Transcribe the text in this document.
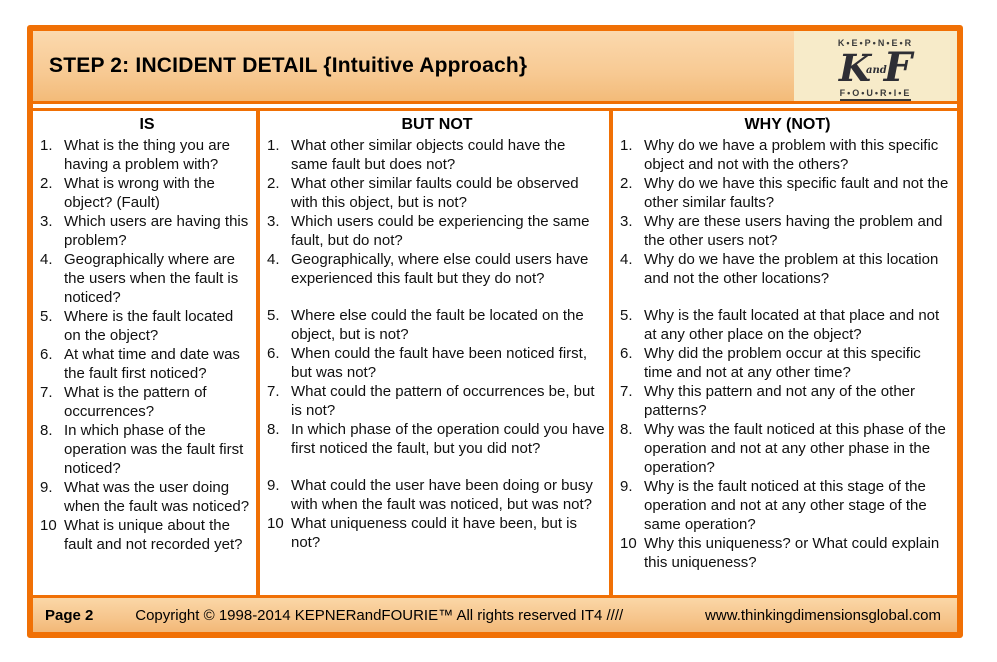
STEP 2: INCIDENT DETAIL {Intuitive Approach}
K•E•P•N•E•R
K
and
F
F•O•U•R•I•E
IS
1. What is the thing you are having a problem with?
2. What is wrong with the object? (Fault)
3. Which users are having this problem?
4. Geographically where are the users when the fault is noticed?
5. Where is the fault located on the object?
6. At what time and date was the fault first noticed?
7. What is the pattern of occurrences?
8. In which phase of the operation was the fault first noticed?
9. What was the user doing when the fault was noticed?
10 What is unique about the fault and not recorded yet?
BUT NOT
1. What other similar objects could have the same fault but does not?
2. What other similar faults could be observed with this object, but is not?
3. Which users could be experiencing the same fault, but do not?
4. Geographically, where else could users have experienced this fault but they do not?
5. Where else could the fault be located on the object, but is not?
6. When could the fault have been noticed first, but was not?
7. What could the pattern of occurrences be, but is not?
8. In which phase of the operation could you have first noticed the fault, but you did not?
9. What could the user have been doing or busy with when the fault was noticed, but was not?
10 What uniqueness could it have been, but is not?
WHY (NOT)
1. Why do we have a problem with this specific object and not with the others?
2. Why do we have this specific fault and not the other similar faults?
3. Why are these users having the problem and the other users not?
4. Why do we have the problem at this location and not the other locations?
5. Why is the fault located at that place and not at any other place on the object?
6. Why did the problem occur at this specific time and not at any other time?
7. Why this pattern and not any of the other patterns?
8. Why was the fault noticed at this phase of the operation and not at any other phase in the operation?
9. Why is the fault noticed at this stage of the operation and not at any other stage of the same operation?
10 Why this uniqueness? or What could explain this uniqueness?
Page 2	Copyright © 1998-2014 KEPNERandFOURIE™ All rights reserved IT4 ////	www.thinkingdimensionsglobal.com
